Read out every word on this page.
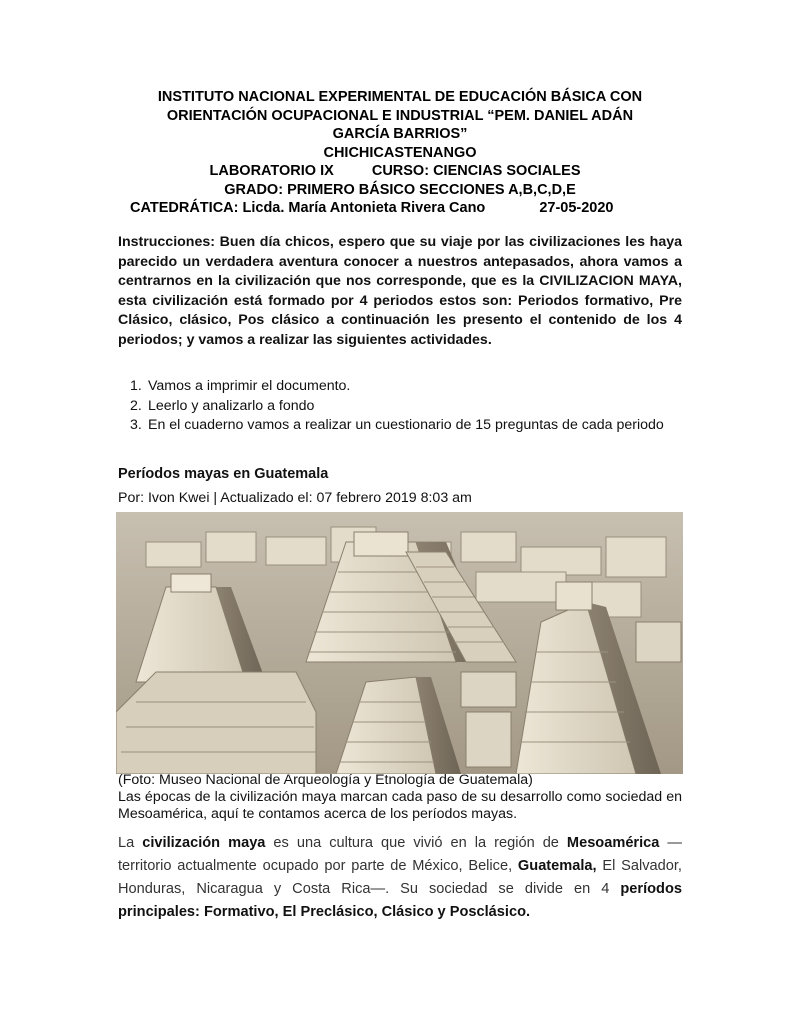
INSTITUTO NACIONAL EXPERIMENTAL DE EDUCACIÓN BÁSICA CON
ORIENTACIÓN OCUPACIONAL E INDUSTRIAL “PEM. DANIEL ADÁN
GARCÍA BARRIOS”
CHICHICASTENANGO
LABORATORIO IX	CURSO: CIENCIAS SOCIALES
GRADO: PRIMERO BÁSICO SECCIONES A,B,C,D,E
CATEDRÁTICA: Licda. María Antonieta Rivera Cano	27-05-2020
Instrucciones: Buen día chicos, espero que su viaje por las civilizaciones les haya parecido un verdadera aventura conocer a nuestros antepasados, ahora vamos a centrarnos en la civilización que nos corresponde, que es la CIVILIZACION MAYA, esta civilización está formado por 4 periodos estos son: Periodos formativo, Pre Clásico, clásico, Pos clásico a continuación les presento el contenido de los 4 periodos; y vamos a realizar las siguientes actividades.
1. Vamos a imprimir el documento.
2. Leerlo y analizarlo a fondo
3. En el cuaderno vamos a realizar un cuestionario de 15 preguntas de cada periodo
Períodos mayas en Guatemala
Por: Ivon Kwei | Actualizado el: 07 febrero 2019 8:03 am
(Foto: Museo Nacional de Arqueología y Etnología de Guatemala)
Las épocas de la civilización maya marcan cada paso de su desarrollo como sociedad en Mesoamérica, aquí te contamos acerca de los períodos mayas.
La civilización maya es una cultura que vivió en la región de Mesoamérica — territorio actualmente ocupado por parte de México, Belice, Guatemala, El Salvador, Honduras, Nicaragua y Costa Rica—. Su sociedad se divide en 4 períodos principales: Formativo, El Preclásico, Clásico y Posclásico.
